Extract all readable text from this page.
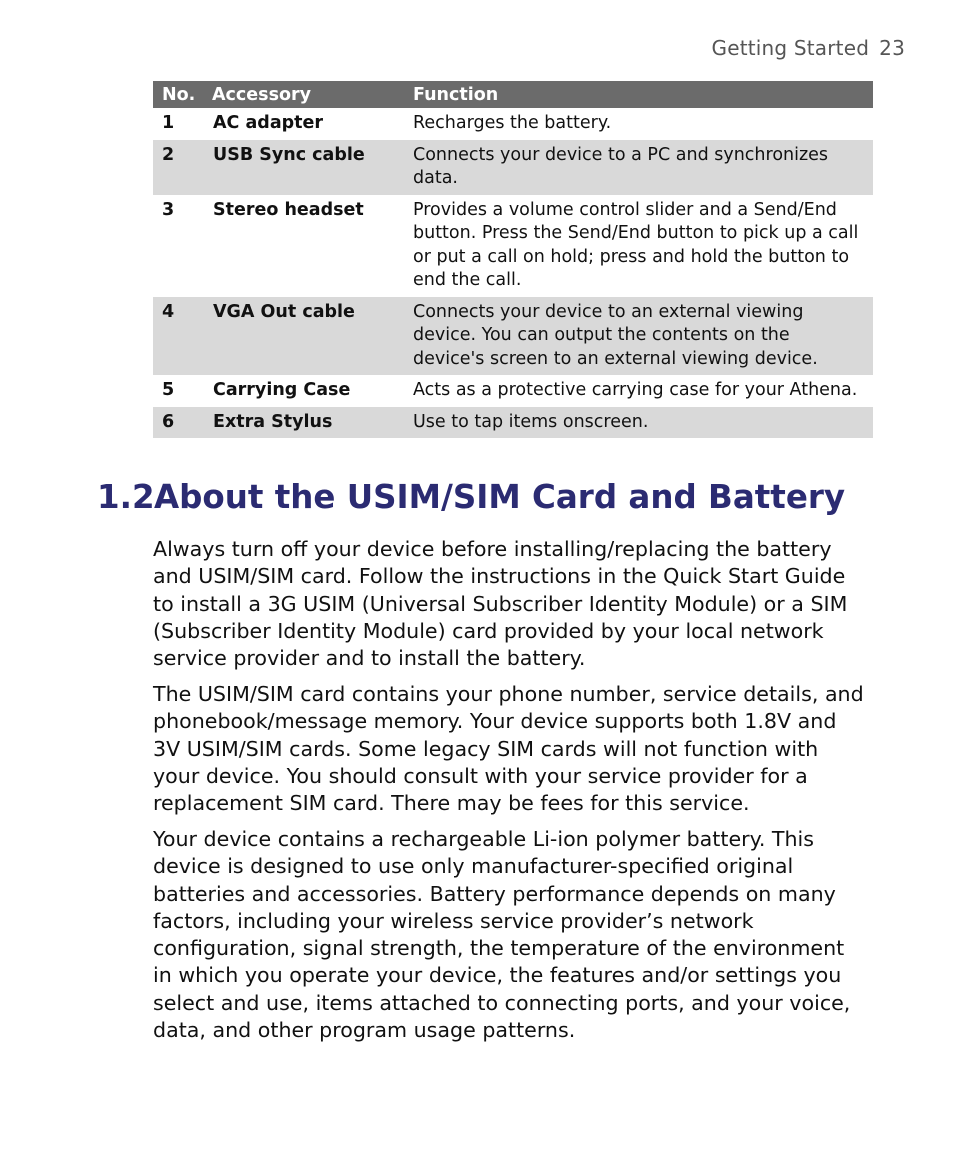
Getting Started 23
No.	Accessory	Function
1	AC adapter	Recharges the battery.
2	USB Sync cable	Connects your device to a PC and synchronizes data.
3	Stereo headset	Provides a volume control slider and a Send/End button. Press the Send/End button to pick up a call or put a call on hold; press and hold the button to end the call.
4	VGA Out cable	Connects your device to an external viewing device. You can output the contents on the device's screen to an external viewing device.
5	Carrying Case	Acts as a protective carrying case for your Athena.
6	Extra Stylus	Use to tap items onscreen.
1.2About the USIM/SIM Card and Battery

Always turn off your device before installing/replacing the battery and USIM/SIM card. Follow the instructions in the Quick Start Guide to install a 3G USIM (Universal Subscriber Identity Module) or a SIM (Subscriber Identity Module) card provided by your local network service provider and to install the battery.

The USIM/SIM card contains your phone number, service details, and phonebook/message memory. Your device supports both 1.8V and 3V USIM/SIM cards. Some legacy SIM cards will not function with your device. You should consult with your service provider for a replacement SIM card. There may be fees for this service.

Your device contains a rechargeable Li-ion polymer battery. This device is designed to use only manufacturer-specified original batteries and accessories. Battery performance depends on many factors, including your wireless service provider’s network configuration, signal strength, the temperature of the environment in which you operate your device, the features and/or settings you select and use, items attached to connecting ports, and your voice, data, and other program usage patterns.
